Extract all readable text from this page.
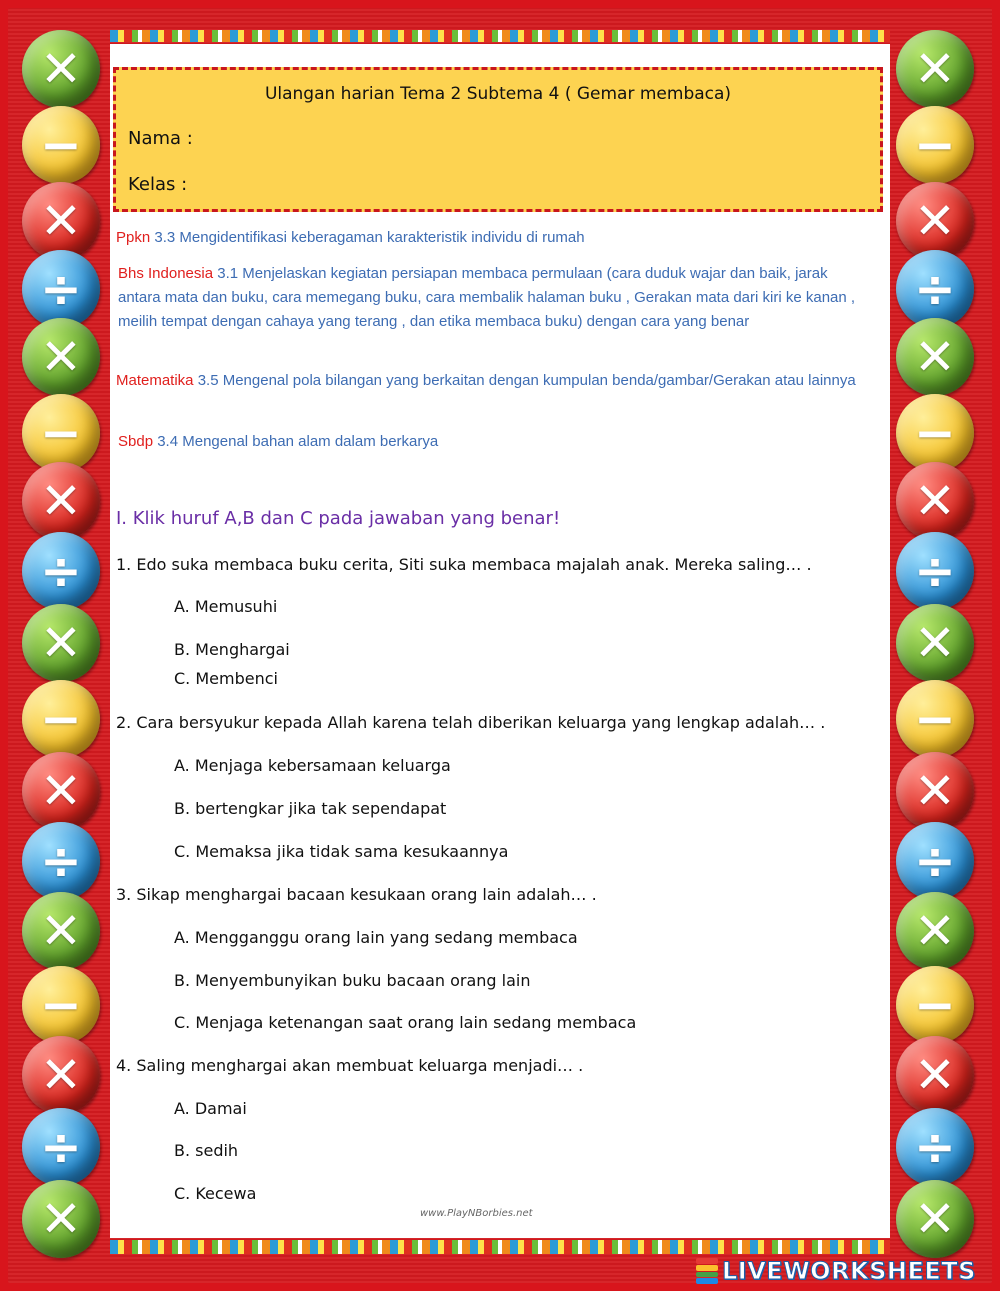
✕
−
✕
÷
✕
−
✕
÷
✕
−
✕
÷
✕
−
✕
÷
✕
✕
−
✕
÷
✕
−
✕
÷
✕
−
✕
÷
✕
−
✕
÷
✕
Ulangan harian Tema 2 Subtema 4 ( Gemar membaca)
Nama :
Kelas :
Ppkn 3.3 Mengidentifikasi keberagaman karakteristik individu di rumah
Bhs Indonesia 3.1 Menjelaskan kegiatan persiapan membaca permulaan (cara duduk wajar dan baik, jarak antara mata dan buku, cara memegang buku, cara membalik halaman buku , Gerakan mata dari kiri ke kanan , meilih tempat dengan cahaya yang terang , dan etika membaca buku) dengan cara yang benar
Matematika 3.5 Mengenal pola bilangan yang berkaitan dengan kumpulan benda/gambar/Gerakan atau lainnya
Sbdp 3.4 Mengenal bahan alam dalam berkarya
I. Klik huruf A,B dan C pada jawaban yang benar!
1. Edo suka membaca buku cerita, Siti suka membaca majalah anak. Mereka saling… .
A. Memusuhi
B. Menghargai
C. Membenci
2. Cara bersyukur kepada Allah karena telah diberikan keluarga yang lengkap adalah… .
A. Menjaga kebersamaan keluarga
B. bertengkar jika tak sependapat
C. Memaksa jika tidak sama kesukaannya
3. Sikap menghargai bacaan kesukaan orang lain adalah… .
A. Mengganggu orang lain yang sedang membaca
B. Menyembunyikan buku bacaan orang lain
C. Menjaga ketenangan saat orang lain sedang membaca
4. Saling menghargai akan membuat keluarga menjadi… .
A. Damai
B. sedih
C. Kecewa
www.PlayNBorbies.net
LIVEWORKSHEETS
